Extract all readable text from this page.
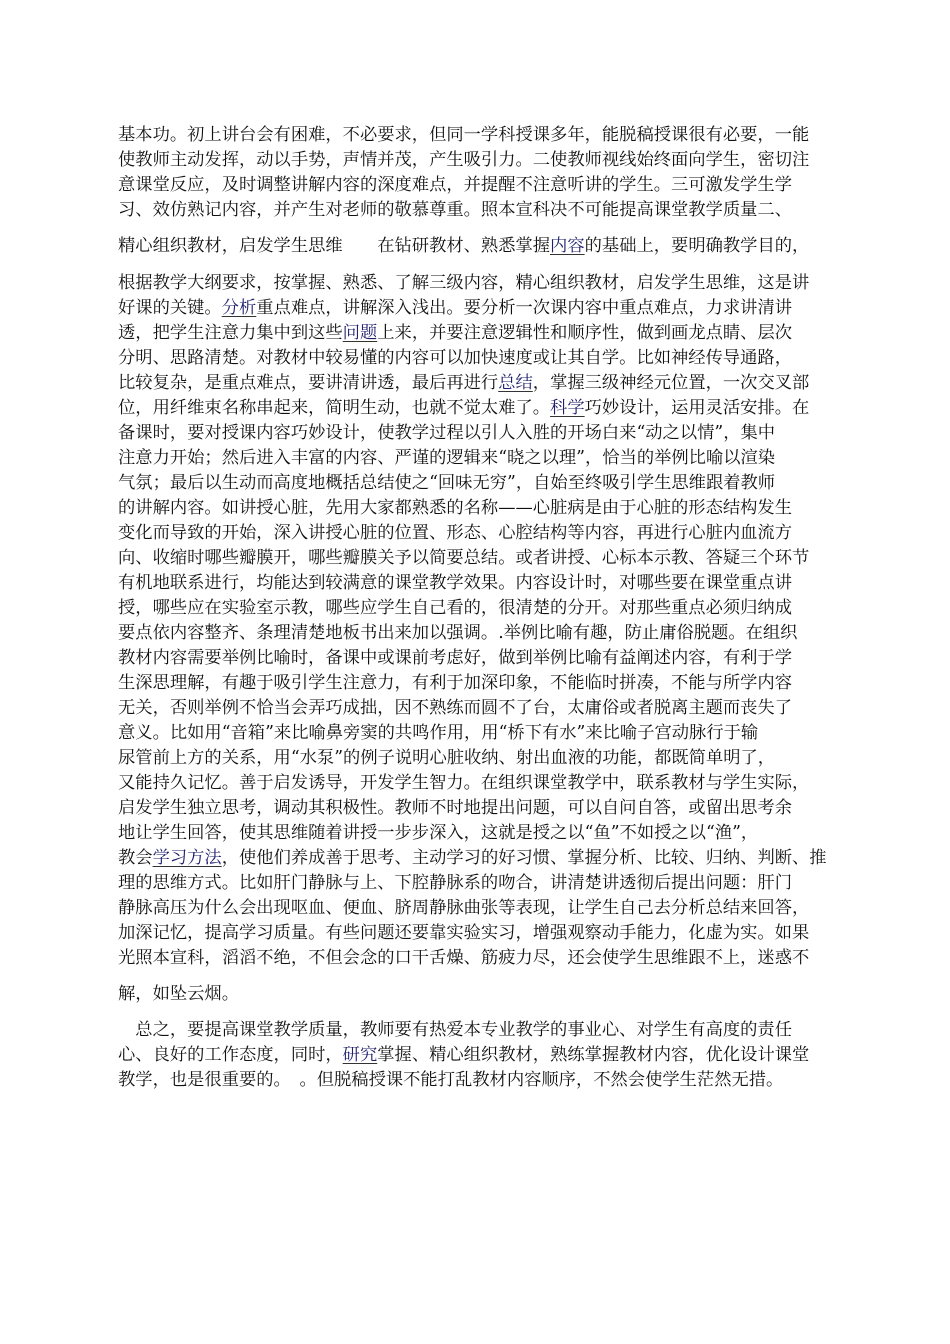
基本功。初上讲台会有困难，不必要求，但同一学科授课多年，能脱稿授课很有必要，一能
使教师主动发挥，动以手势，声情并茂，产生吸引力。二使教师视线始终面向学生，密切注
意课堂反应，及时调整讲解内容的深度难点，并提醒不注意听讲的学生。三可激发学生学
习、效仿熟记内容，并产生对老师的敬慕尊重。照本宣科决不可能提高课堂教学质量二、
精心组织教材，启发学生思维　　在钻研教材、熟悉掌握内容的基础上，要明确教学目的，
根据教学大纲要求，按掌握、熟悉、了解三级内容，精心组织教材，启发学生思维，这是讲
好课的关键。分析重点难点，讲解深入浅出。要分析一次课内容中重点难点，力求讲清讲
透，把学生注意力集中到这些问题上来，并要注意逻辑性和顺序性，做到画龙点睛、层次
分明、思路清楚。对教材中较易懂的内容可以加快速度或让其自学。比如神经传导通路，
比较复杂，是重点难点，要讲清讲透，最后再进行总结，掌握三级神经元位置，一次交叉部
位，用纤维束名称串起来，简明生动，也就不觉太难了。科学巧妙设计，运用灵活安排。在
备课时，要对授课内容巧妙设计，使教学过程以引人入胜的开场白来“动之以情”，集中
注意力开始；然后进入丰富的内容、严谨的逻辑来“晓之以理”，恰当的举例比喻以渲染
气氛；最后以生动而高度地概括总结使之“回味无穷”，自始至终吸引学生思维跟着教师
的讲解内容。如讲授心脏，先用大家都熟悉的名称——心脏病是由于心脏的形态结构发生
变化而导致的开始，深入讲授心脏的位置、形态、心腔结构等内容，再进行心脏内血流方
向、收缩时哪些瓣膜开，哪些瓣膜关予以简要总结。或者讲授、心标本示教、答疑三个环节
有机地联系进行，均能达到较满意的课堂教学效果。内容设计时，对哪些要在课堂重点讲
授，哪些应在实验室示教，哪些应学生自己看的，很清楚的分开。对那些重点必须归纳成
要点依内容整齐、条理清楚地板书出来加以强调。.举例比喻有趣，防止庸俗脱题。在组织
教材内容需要举例比喻时，备课中或课前考虑好，做到举例比喻有益阐述内容，有利于学
生深思理解，有趣于吸引学生注意力，有利于加深印象，不能临时拼凑，不能与所学内容
无关，否则举例不恰当会弄巧成拙，因不熟练而圆不了台，太庸俗或者脱离主题而丧失了
意义。比如用“音箱”来比喻鼻旁窦的共鸣作用，用“桥下有水”来比喻子宫动脉行于输
尿管前上方的关系，用“水泵”的例子说明心脏收纳、射出血液的功能，都既简单明了，
又能持久记忆。善于启发诱导，开发学生智力。在组织课堂教学中，联系教材与学生实际，
启发学生独立思考，调动其积极性。教师不时地提出问题，可以自问自答，或留出思考余
地让学生回答，使其思维随着讲授一步步深入，这就是授之以“鱼”不如授之以“渔”，
教会学习方法，使他们养成善于思考、主动学习的好习惯、掌握分析、比较、归纳、判断、推
理的思维方式。比如肝门静脉与上、下腔静脉系的吻合，讲清楚讲透彻后提出问题：肝门
静脉高压为什么会出现呕血、便血、脐周静脉曲张等表现，让学生自己去分析总结来回答，
加深记忆，提高学习质量。有些问题还要靠实验实习，增强观察动手能力，化虚为实。如果
光照本宣科，滔滔不绝，不但会念的口干舌燥、筋疲力尽，还会使学生思维跟不上，迷惑不
解，如坠云烟。
　总之，要提高课堂教学质量，教师要有热爱本专业教学的事业心、对学生有高度的责任
心、良好的工作态度，同时，研究掌握、精心组织教材，熟练掌握教材内容，优化设计课堂
教学，也是很重要的。　。但脱稿授课不能打乱教材内容顺序，不然会使学生茫然无措。
